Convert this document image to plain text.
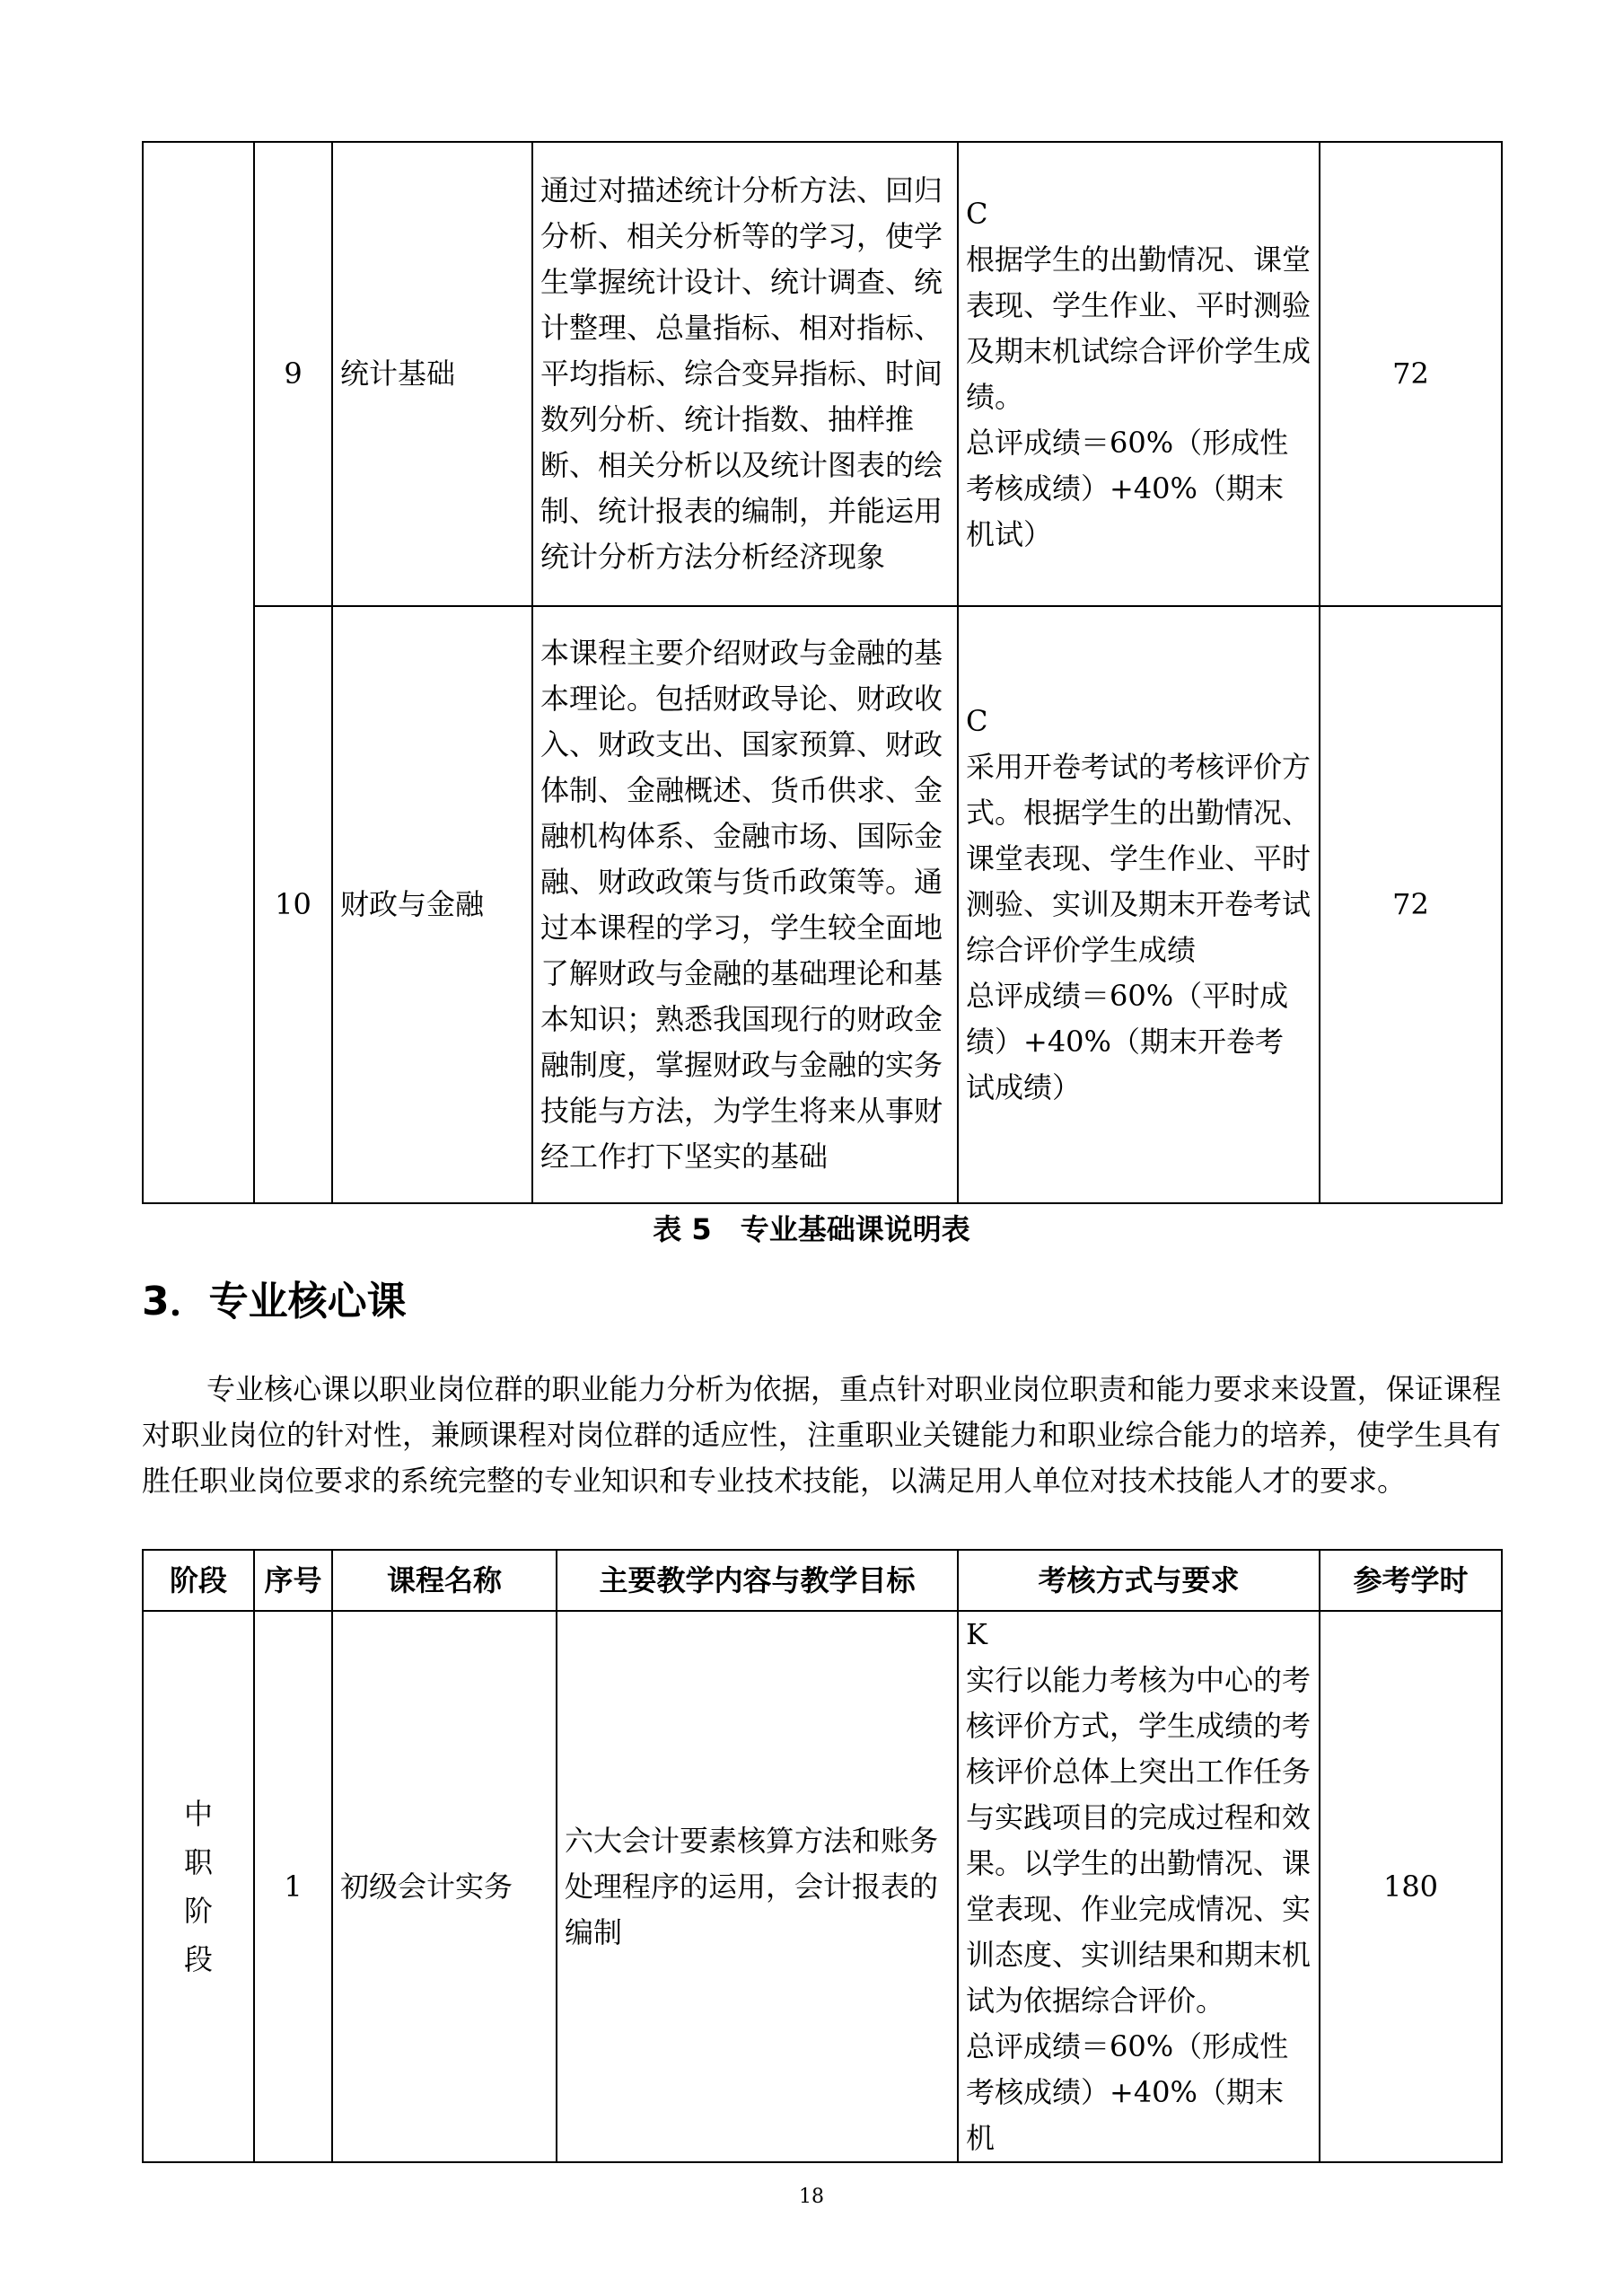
	9	统计基础	通过对描述统计分析方法、回归分析、相关分析等的学习，使学生掌握统计设计、统计调查、统计整理、总量指标、相对指标、平均指标、综合变异指标、时间数列分析、统计指数、抽样推断、相关分析以及统计图表的绘制、统计报表的编制，并能运用统计分析方法分析经济现象	C
根据学生的出勤情况、课堂表现、学生作业、平时测验及期末机试综合评价学生成绩。
总评成绩＝60%（形成性考核成绩）+40%（期末机试）	72
	10	财政与金融	本课程主要介绍财政与金融的基本理论。包括财政导论、财政收入、财政支出、国家预算、财政体制、金融概述、货币供求、金融机构体系、金融市场、国际金融、财政政策与货币政策等。通过本课程的学习，学生较全面地了解财政与金融的基础理论和基本知识；熟悉我国现行的财政金融制度，掌握财政与金融的实务技能与方法，为学生将来从事财经工作打下坚实的基础	C
采用开卷考试的考核评价方式。根据学生的出勤情况、课堂表现、学生作业、平时测验、实训及期末开卷考试综合评价学生成绩
总评成绩＝60%（平时成绩）+40%（期末开卷考试成绩）	72
表 5　专业基础课说明表
3．专业核心课
专业核心课以职业岗位群的职业能力分析为依据，重点针对职业岗位职责和能力要求来设置，保证课程对职业岗位的针对性，兼顾课程对岗位群的适应性，注重职业关键能力和职业综合能力的培养，使学生具有胜任职业岗位要求的系统完整的专业知识和专业技术技能，以满足用人单位对技术技能人才的要求。
阶段	序号	课程名称	主要教学内容与教学目标	考核方式与要求	参考学时

中
职
阶
段	1	初级会计实务	六大会计要素核算方法和账务处理程序的运用，会计报表的编制	K
实行以能力考核为中心的考核评价方式，学生成绩的考核评价总体上突出工作任务与实践项目的完成过程和效果。以学生的出勤情况、课堂表现、作业完成情况、实训态度、实训结果和期末机试为依据综合评价。
总评成绩＝60%（形成性考核成绩）+40%（期末机	180
18
